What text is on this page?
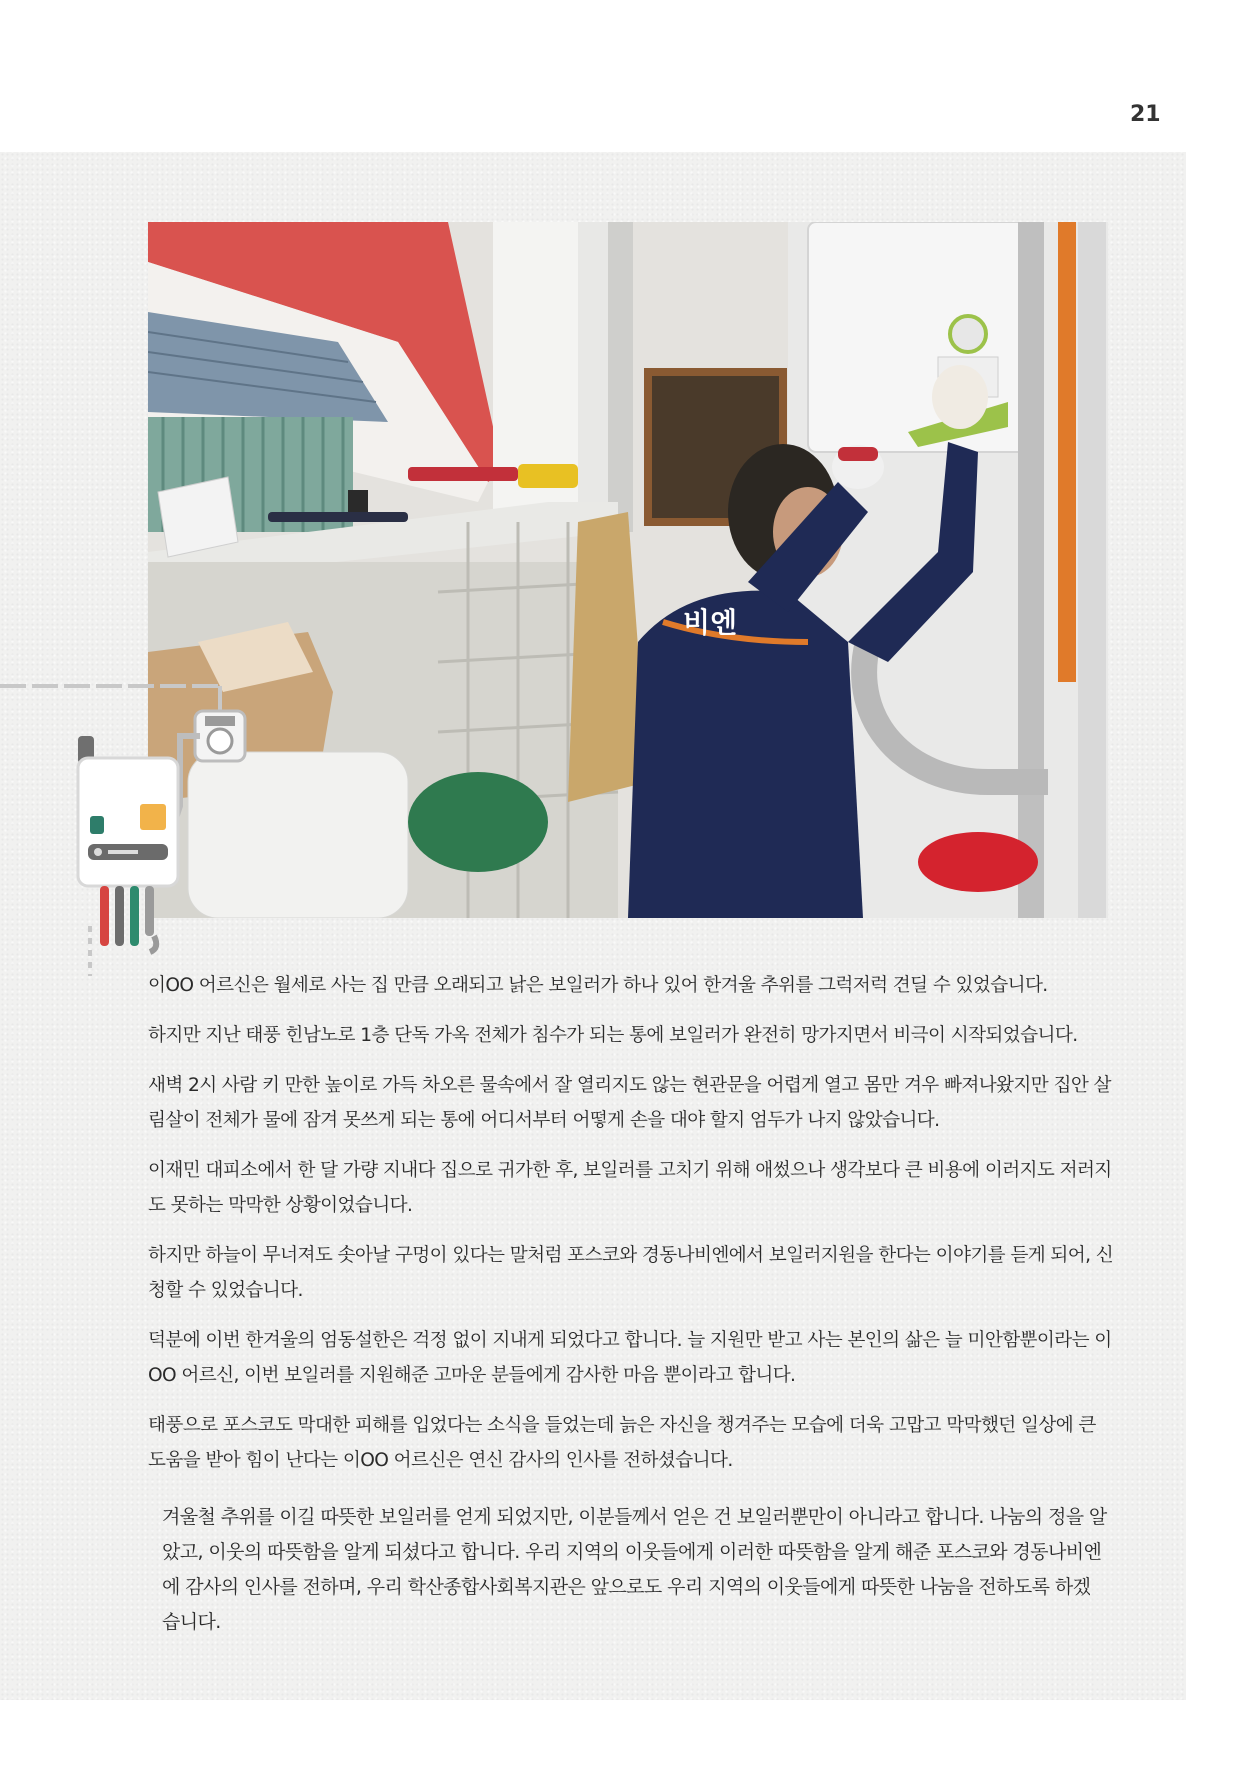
21
비엔

이OO 어르신은 월세로 사는 집 만큼 오래되고 낡은 보일러가 하나 있어 한겨울 추위를 그럭저럭 견딜 수 있었습니다.

하지만 지난 태풍 힌남노로 1층 단독 가옥 전체가 침수가 되는 통에 보일러가 완전히 망가지면서 비극이 시작되었습니다.

새벽 2시 사람 키 만한 높이로 가득 차오른 물속에서 잘 열리지도 않는 현관문을 어렵게 열고 몸만 겨우 빠져나왔지만 집안 살림살이 전체가 물에 잠겨 못쓰게 되는 통에 어디서부터 어떻게 손을 대야 할지 엄두가 나지 않았습니다.

이재민 대피소에서 한 달 가량 지내다 집으로 귀가한 후, 보일러를 고치기 위해 애썼으나 생각보다 큰 비용에 이러지도 저러지도 못하는 막막한 상황이었습니다.

하지만 하늘이 무너져도 솟아날 구멍이 있다는 말처럼 포스코와 경동나비엔에서 보일러지원을 한다는 이야기를 듣게 되어, 신청할 수 있었습니다.

덕분에 이번 한겨울의 엄동설한은 걱정 없이 지내게 되었다고 합니다. 늘 지원만 받고 사는 본인의 삶은 늘 미안함뿐이라는 이OO 어르신, 이번 보일러를 지원해준 고마운 분들에게 감사한 마음 뿐이라고 합니다.

태풍으로 포스코도 막대한 피해를 입었다는 소식을 들었는데 늙은 자신을 챙겨주는 모습에 더욱 고맙고 막막했던 일상에 큰 도움을 받아 힘이 난다는 이OO 어르신은 연신 감사의 인사를 전하셨습니다.

겨울철 추위를 이길 따뜻한 보일러를 얻게 되었지만, 이분들께서 얻은 건 보일러뿐만이 아니라고 합니다. 나눔의 정을 알았고, 이웃의 따뜻함을 알게 되셨다고 합니다. 우리 지역의 이웃들에게 이러한 따뜻함을 알게 해준 포스코와 경동나비엔에 감사의 인사를 전하며, 우리 학산종합사회복지관은 앞으로도 우리 지역의 이웃들에게 따뜻한 나눔을 전하도록 하겠습니다.
